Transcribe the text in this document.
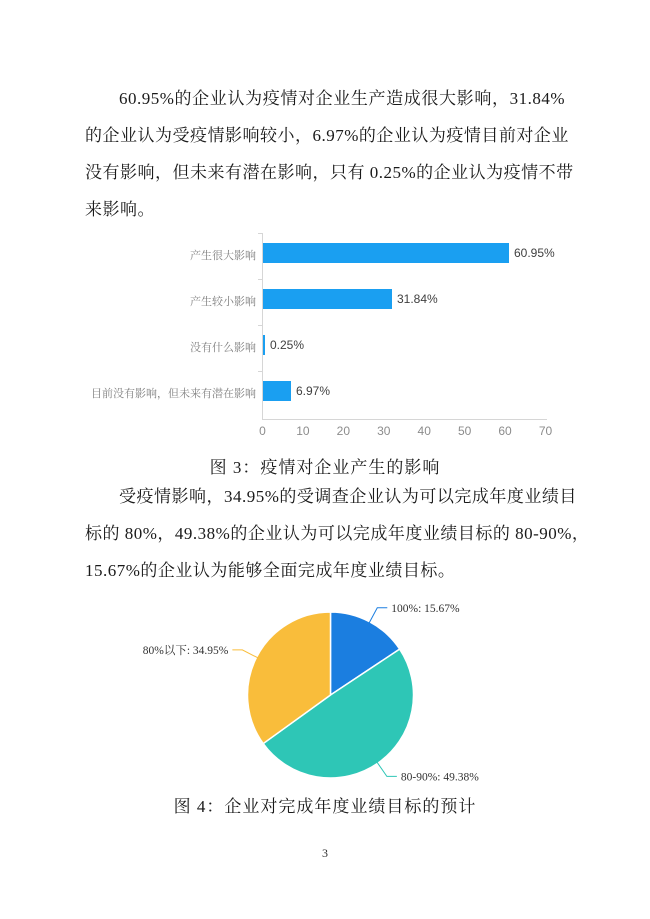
60.95%的企业认为疫情对企业生产造成很大影响，31.84%
的企业认为受疫情影响较小，6.97%的企业认为疫情目前对企业
没有影响，但未来有潜在影响，只有 0.25%的企业认为疫情不带
来影响。
产生很大影响	60.95%
产生较小影响	31.84%
没有什么影响 0.25%
目前没有影响，但未来有潜在影响	6.97%
0	10	20	30	40	50	60	70
图 3：疫情对企业产生的影响
受疫情影响，34.95%的受调查企业认为可以完成年度业绩目
标的 80%，49.38%的企业认为可以完成年度业绩目标的 80-90%，
15.67%的企业认为能够全面完成年度业绩目标。
100%: 15.67%
80-90%: 49.38%
80%以下: 34.95%
图 4：企业对完成年度业绩目标的预计
3
